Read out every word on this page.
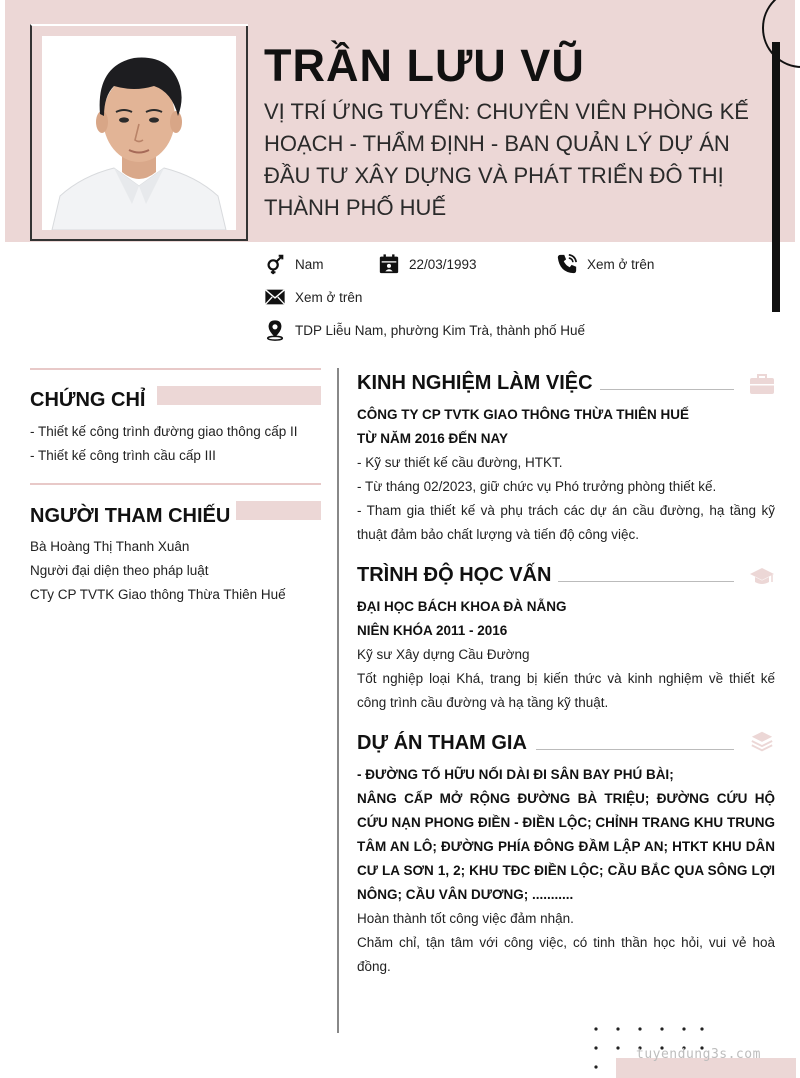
TRẦN LƯU VŨ
VỊ TRÍ ỨNG TUYỂN: CHUYÊN VIÊN PHÒNG KẾ HOẠCH - THẨM ĐỊNH - BAN QUẢN LÝ DỰ ÁN ĐẦU TƯ XÂY DỰNG VÀ PHÁT TRIỂN ĐÔ THỊ THÀNH PHỐ HUẾ
Nam	22/03/1993	Xem ở trên
Xem ở trên
TDP Liễu Nam, phường Kim Trà, thành phố Huế
CHỨNG CHỈ
- Thiết kế công trình đường giao thông cấp II
- Thiết kế công trình cầu cấp III
NGƯỜI THAM CHIẾU
Bà Hoàng Thị Thanh Xuân
Người đại diện theo pháp luật
CTy CP TVTK Giao thông Thừa Thiên Huế
KINH NGHIỆM LÀM VIỆC
CÔNG TY CP TVTK GIAO THÔNG THỪA THIÊN HUẾ
TỪ NĂM 2016 ĐẾN NAY
- Kỹ sư thiết kế cầu đường, HTKT.
- Từ tháng 02/2023, giữ chức vụ Phó trưởng phòng thiết kế.
- Tham gia thiết kế và phụ trách các dự án cầu đường, hạ tầng kỹ thuật đảm bảo chất lượng và tiến độ công việc.
TRÌNH ĐỘ HỌC VẤN
ĐẠI HỌC BÁCH KHOA ĐÀ NẴNG
NIÊN KHÓA 2011 - 2016
Kỹ sư Xây dựng Cầu Đường
Tốt nghiệp loại Khá, trang bị kiến thức và kinh nghiệm về thiết kế công trình cầu đường và hạ tầng kỹ thuật.
DỰ ÁN THAM GIA
- ĐƯỜNG TỐ HỮU NỐI DÀI ĐI SÂN BAY PHÚ BÀI;
NÂNG CẤP MỞ RỘNG ĐƯỜNG BÀ TRIỆU; ĐƯỜNG CỨU HỘ CỨU NẠN PHONG ĐIỀN - ĐIỀN LỘC; CHỈNH TRANG KHU TRUNG TÂM AN LÔ; ĐƯỜNG PHÍA ĐÔNG ĐẦM LẬP AN; HTKT KHU DÂN CƯ LA SƠN 1, 2; KHU TĐC ĐIỀN LỘC; CẦU BẮC QUA SÔNG LỢI NÔNG; CẦU VÂN DƯƠNG; ...........
Hoàn thành tốt công việc đảm nhận.
Chăm chỉ, tận tâm với công việc, có tinh thần học hỏi, vui vẻ hoà đồng.
tuyendung3s.com
